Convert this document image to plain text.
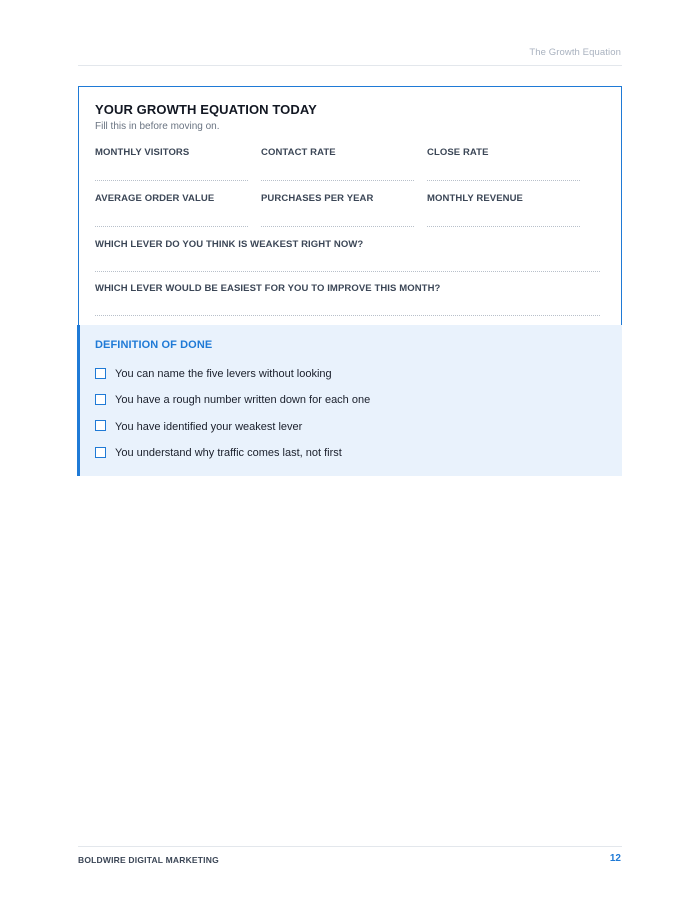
The Growth Equation
YOUR GROWTH EQUATION TODAY

Fill this in before moving on.

MONTHLY VISITORS	CONTACT RATE	CLOSE RATE
AVERAGE ORDER VALUE	PURCHASES PER YEAR	MONTHLY REVENUE
WHICH LEVER DO YOU THINK IS WEAKEST RIGHT NOW?
WHICH LEVER WOULD BE EASIEST FOR YOU TO IMPROVE THIS MONTH?
DEFINITION OF DONE
You can name the five levers without looking
You have a rough number written down for each one
You have identified your weakest lever
You understand why traffic comes last, not first
BOLDWIRE DIGITAL MARKETING	12
